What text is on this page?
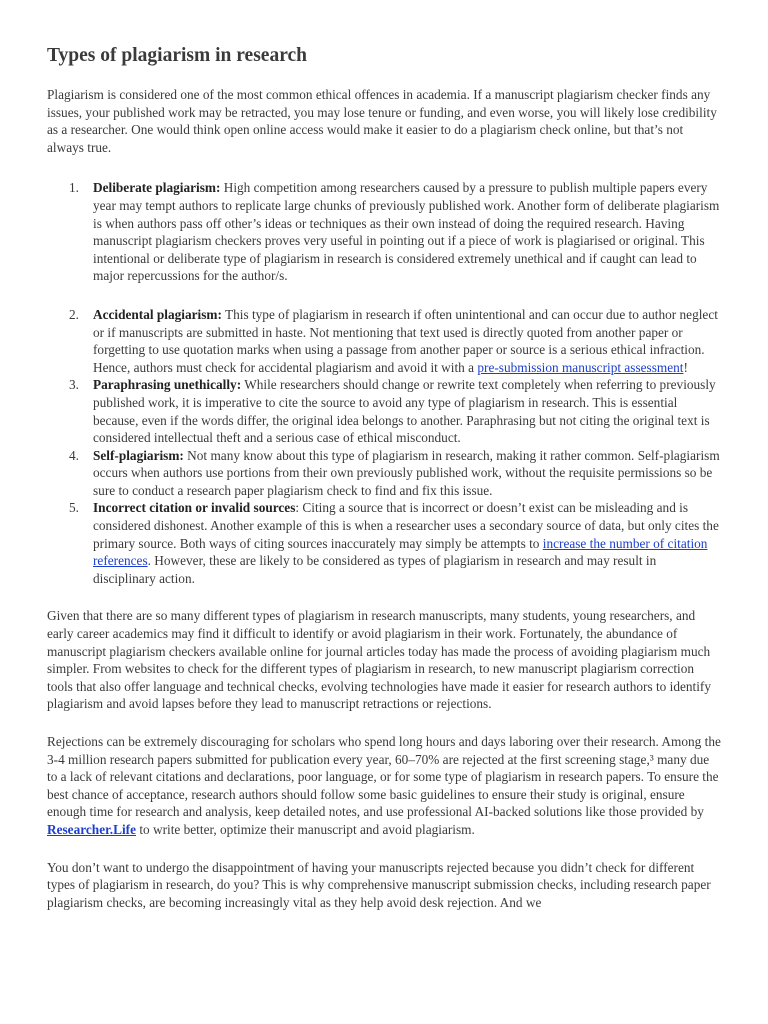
Types of plagiarism in research

Plagiarism is considered one of the most common ethical offences in academia. If a manuscript plagiarism checker finds any issues, your published work may be retracted, you may lose tenure or funding, and even worse, you will likely lose credibility as a researcher. One would think open online access would make it easier to do a plagiarism check online, but that’s not always true.

1. Deliberate plagiarism: High competition among researchers caused by a pressure to publish multiple papers every year may tempt authors to replicate large chunks of previously published work. Another form of deliberate plagiarism is when authors pass off other’s ideas or techniques as their own instead of doing the required research. Having manuscript plagiarism checkers proves very useful in pointing out if a piece of work is plagiarised or original. This intentional or deliberate type of plagiarism in research is considered extremely unethical and if caught can lead to major repercussions for the author/s.
2. Accidental plagiarism: This type of plagiarism in research if often unintentional and can occur due to author neglect or if manuscripts are submitted in haste. Not mentioning that text used is directly quoted from another paper or forgetting to use quotation marks when using a passage from another paper or source is a serious ethical infraction. Hence, authors must check for accidental plagiarism and avoid it with a pre-submission manuscript assessment!
3. Paraphrasing unethically: While researchers should change or rewrite text completely when referring to previously published work, it is imperative to cite the source to avoid any type of plagiarism in research. This is essential because, even if the words differ, the original idea belongs to another. Paraphrasing but not citing the original text is considered intellectual theft and a serious case of ethical misconduct.
4. Self-plagiarism: Not many know about this type of plagiarism in research, making it rather common. Self-plagiarism occurs when authors use portions from their own previously published work, without the requisite permissions so be sure to conduct a research paper plagiarism check to find and fix this issue.
5. Incorrect citation or invalid sources: Citing a source that is incorrect or doesn’t exist can be misleading and is considered dishonest. Another example of this is when a researcher uses a secondary source of data, but only cites the primary source. Both ways of citing sources inaccurately may simply be attempts to increase the number of citation references. However, these are likely to be considered as types of plagiarism in research and may result in disciplinary action.

Given that there are so many different types of plagiarism in research manuscripts, many students, young researchers, and early career academics may find it difficult to identify or avoid plagiarism in their work. Fortunately, the abundance of manuscript plagiarism checkers available online for journal articles today has made the process of avoiding plagiarism much simpler. From websites to check for the different types of plagiarism in research, to new manuscript plagiarism correction tools that also offer language and technical checks, evolving technologies have made it easier for research authors to identify plagiarism and avoid lapses before they lead to manuscript retractions or rejections.

Rejections can be extremely discouraging for scholars who spend long hours and days laboring over their research. Among the 3-4 million research papers submitted for publication every year, 60–70% are rejected at the first screening stage,³ many due to a lack of relevant citations and declarations, poor language, or for some type of plagiarism in research papers. To ensure the best chance of acceptance, research authors should follow some basic guidelines to ensure their study is original, ensure enough time for research and analysis, keep detailed notes, and use professional AI-backed solutions like those provided by Researcher.Life to write better, optimize their manuscript and avoid plagiarism.

You don’t want to undergo the disappointment of having your manuscripts rejected because you didn’t check for different types of plagiarism in research, do you? This is why comprehensive manuscript submission checks, including research paper plagiarism checks, are becoming increasingly vital as they help avoid desk rejection. And we
